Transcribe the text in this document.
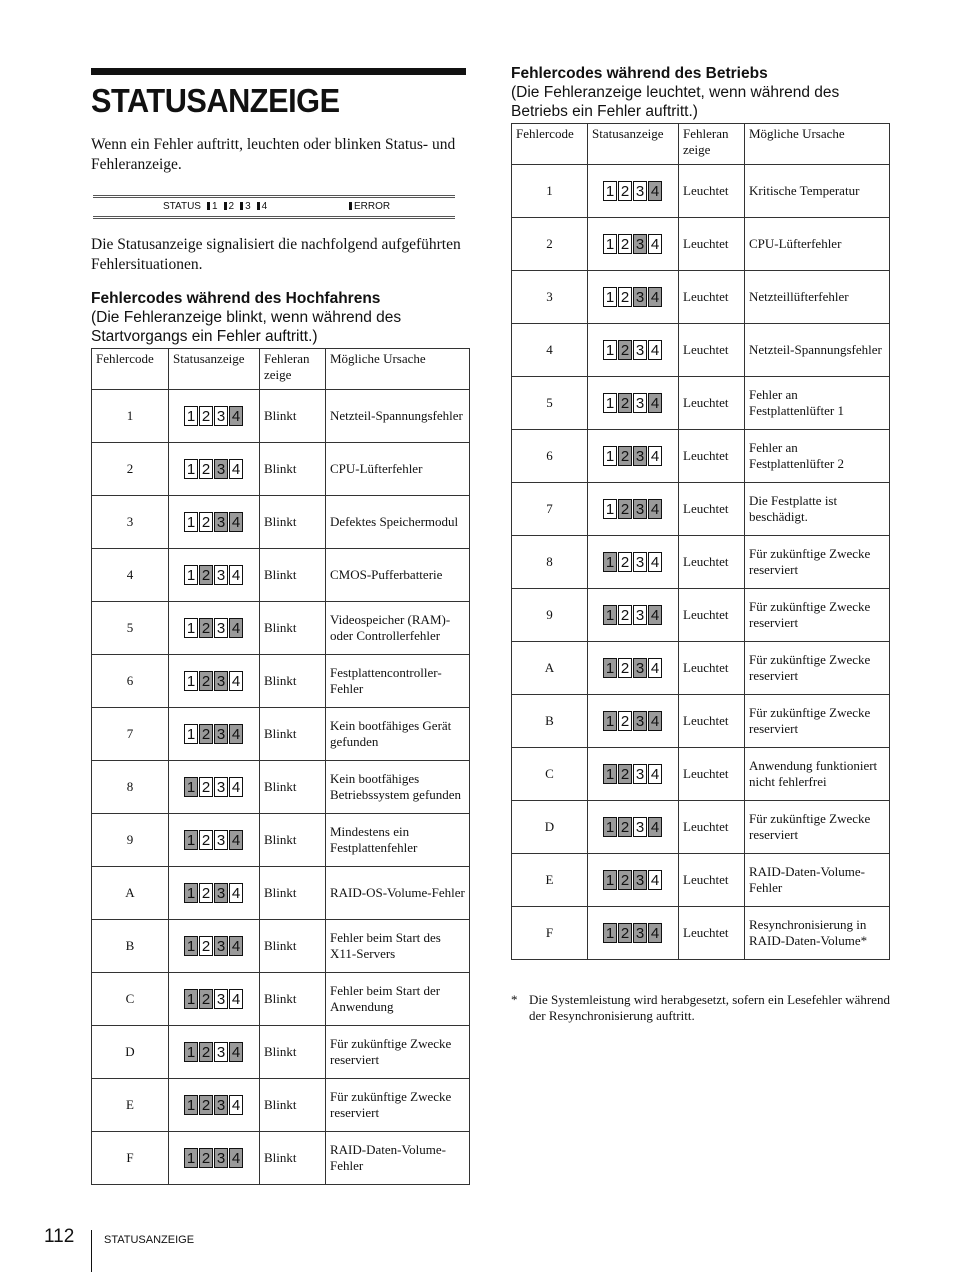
STATUSANZEIGE

Wenn ein Fehler auftritt, leuchten oder blinken Status- und Fehleranzeige.

STATUS 1 2 3 4	ERROR

Die Statusanzeige signalisiert die nachfolgend aufgeführten Fehlersituationen.

Fehlercodes während des Hochfahrens

(Die Fehleranzeige blinkt, wenn während des Startvorgangs ein Fehler auftritt.)

Fehlercode	Statusanzeige	Fehleran zeige	Mögliche Ursache
1	1 2 3 4	Blinkt	Netzteil-Spannungsfehler
2	1 2 3 4	Blinkt	CPU-Lüfterfehler
3	1 2 3 4	Blinkt	Defektes Speichermodul
4	1 2 3 4	Blinkt	CMOS-Pufferbatterie
5	1 2 3 4	Blinkt	Videospeicher (RAM)-oder Controllerfehler
6	1 2 3 4	Blinkt	Festplattencontroller-Fehler
7	1 2 3 4	Blinkt	Kein bootfähiges Gerät gefunden
8	1 2 3 4	Blinkt	Kein bootfähiges Betriebssystem gefunden
9	1 2 3 4	Blinkt	Mindestens ein Festplattenfehler
A	1 2 3 4	Blinkt	RAID-OS-Volume-Fehler
B	1 2 3 4	Blinkt	Fehler beim Start des X11-Servers
C	1 2 3 4	Blinkt	Fehler beim Start der Anwendung
D	1 2 3 4	Blinkt	Für zukünftige Zwecke reserviert
E	1 2 3 4	Blinkt	Für zukünftige Zwecke reserviert
F	1 2 3 4	Blinkt	RAID-Daten-Volume-Fehler
Fehlercodes während des Betriebs

(Die Fehleranzeige leuchtet, wenn während des Betriebs ein Fehler auftritt.)

Fehlercode	Statusanzeige	Fehleran zeige	Mögliche Ursache
1	1 2 3 4	Leuchtet	Kritische Temperatur
2	1 2 3 4	Leuchtet	CPU-Lüfterfehler
3	1 2 3 4	Leuchtet	Netzteillüfterfehler
4	1 2 3 4	Leuchtet	Netzteil-Spannungsfehler
5	1 2 3 4	Leuchtet	Fehler an Festplattenlüfter 1
6	1 2 3 4	Leuchtet	Fehler an Festplattenlüfter 2
7	1 2 3 4	Leuchtet	Die Festplatte ist beschädigt.
8	1 2 3 4	Leuchtet	Für zukünftige Zwecke reserviert
9	1 2 3 4	Leuchtet	Für zukünftige Zwecke reserviert
A	1 2 3 4	Leuchtet	Für zukünftige Zwecke reserviert
B	1 2 3 4	Leuchtet	Für zukünftige Zwecke reserviert
C	1 2 3 4	Leuchtet	Anwendung funktioniert nicht fehlerfrei
D	1 2 3 4	Leuchtet	Für zukünftige Zwecke reserviert
E	1 2 3 4	Leuchtet	RAID-Daten-Volume-Fehler
F	1 2 3 4	Leuchtet	Resynchronisierung in RAID-Daten-Volume*
* Die Systemleistung wird herabgesetzt, sofern ein Lesefehler während der Resynchronisierung auftritt.
112	STATUSANZEIGE
